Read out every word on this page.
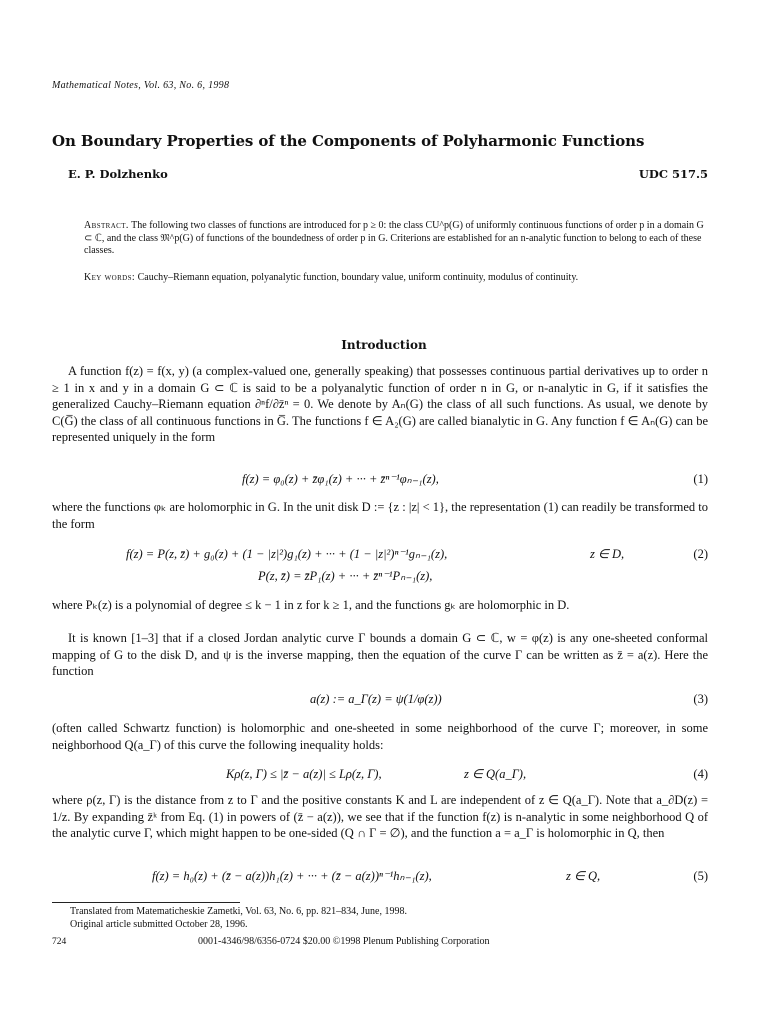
Mathematical Notes, Vol. 63, No. 6, 1998
On Boundary Properties of the Components of Polyharmonic Functions
E. P. Dolzhenko	UDC 517.5
Abstract. The following two classes of functions are introduced for p ≥ 0: the class CU^p(G) of uniformly continuous functions of order p in a domain G ⊂ ℂ, and the class 𝔐^p(G) of functions of the boundedness of order p in G. Criterions are established for an n-analytic function to belong to each of these classes.
Key words: Cauchy–Riemann equation, polyanalytic function, boundary value, uniform continuity, modulus of continuity.
Introduction
A function f(z) = f(x, y) (a complex-valued one, generally speaking) that possesses continuous partial derivatives up to order n ≥ 1 in x and y in a domain G ⊂ ℂ is said to be a polyanalytic function of order n in G, or n-analytic in G, if it satisfies the generalized Cauchy–Riemann equation ∂ⁿf/∂z̄ⁿ = 0. We denote by Aₙ(G) the class of all such functions. As usual, we denote by C(G̅) the class of all continuous functions in G̅. The functions f ∈ A₂(G) are called bianalytic in G. Any function f ∈ Aₙ(G) can be represented uniquely in the form
f(z) = φ₀(z) + z̄φ₁(z) + ··· + z̄ⁿ⁻¹φₙ₋₁(z),	(1)
where the functions φₖ are holomorphic in G. In the unit disk D := {z : |z| < 1}, the representation (1) can readily be transformed to the form
f(z) = P(z, z̄) + g₀(z) + (1 − |z|²)g₁(z) + ··· + (1 − |z|²)ⁿ⁻¹gₙ₋₁(z),	z ∈ D,	(2)
P(z, z̄) = z̄P₁(z) + ··· + z̄ⁿ⁻¹Pₙ₋₁(z),
where Pₖ(z) is a polynomial of degree ≤ k − 1 in z for k ≥ 1, and the functions gₖ are holomorphic in D.
It is known [1–3] that if a closed Jordan analytic curve Γ bounds a domain G ⊂ ℂ, w = φ(z) is any one-sheeted conformal mapping of G to the disk D, and ψ is the inverse mapping, then the equation of the curve Γ can be written as z̄ = a(z). Here the function
a(z) := a_Γ(z) = ψ(1/φ(z))	(3)
(often called Schwartz function) is holomorphic and one-sheeted in some neighborhood of the curve Γ; moreover, in some neighborhood Q(a_Γ) of this curve the following inequality holds:
Kρ(z, Γ) ≤ |z̄ − a(z)| ≤ Lρ(z, Γ),	z ∈ Q(a_Γ),	(4)
where ρ(z, Γ) is the distance from z to Γ and the positive constants K and L are independent of z ∈ Q(a_Γ). Note that a_∂D(z) = 1/z. By expanding z̄ᵏ from Eq. (1) in powers of (z̄ − a(z)), we see that if the function f(z) is n-analytic in some neighborhood Q of the analytic curve Γ, which might happen to be one-sided (Q ∩ Γ = ∅), and the function a = a_Γ is holomorphic in Q, then
f(z) = h₀(z) + (z̄ − a(z))h₁(z) + ··· + (z̄ − a(z))ⁿ⁻¹hₙ₋₁(z),	z ∈ Q,	(5)
Translated from Matematicheskie Zametki, Vol. 63, No. 6, pp. 821–834, June, 1998.
Original article submitted October 28, 1996.
724	0001-4346/98/6356-0724 $20.00 ©1998 Plenum Publishing Corporation
